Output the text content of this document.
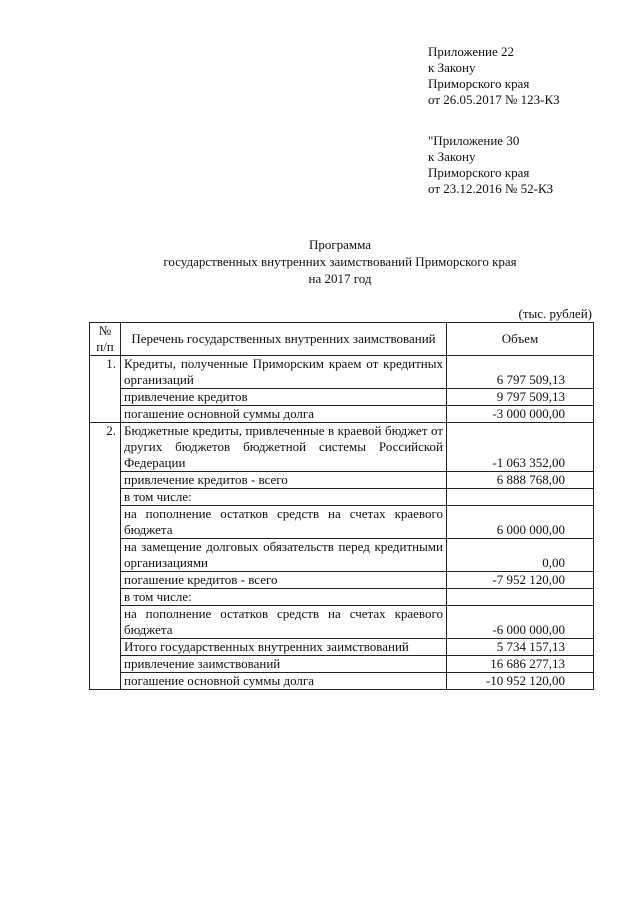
Приложение 22
к Закону
Приморского края
от 26.05.2017 № 123-КЗ
"Приложение 30
к Закону
Приморского края
от 23.12.2016 № 52-КЗ
Программа
государственных внутренних заимствований Приморского края
на 2017 год
(тыс. рублей)
№ п/п	Перечень государственных внутренних заимствований	Объем
1.	Кредиты, полученные Приморским краем от кредитных организаций	6 797 509,13
	привлечение кредитов	9 797 509,13
	погашение основной суммы долга	-3 000 000,00
2.	Бюджетные кредиты, привлеченные в краевой бюджет от других бюджетов бюджетной системы Российской Федерации	-1 063 352,00
	привлечение кредитов - всего	6 888 768,00
	в том числе:	
	на пополнение остатков средств на счетах краевого бюджета	6 000 000,00
	на замещение долговых обязательств перед кредитными организациями	0,00
	погашение кредитов - всего	-7 952 120,00
	в том числе:	
	на пополнение остатков средств на счетах краевого бюджета	-6 000 000,00
	Итого государственных внутренних заимствований	5 734 157,13
	привлечение заимствований	16 686 277,13
	погашение основной суммы долга	-10 952 120,00
